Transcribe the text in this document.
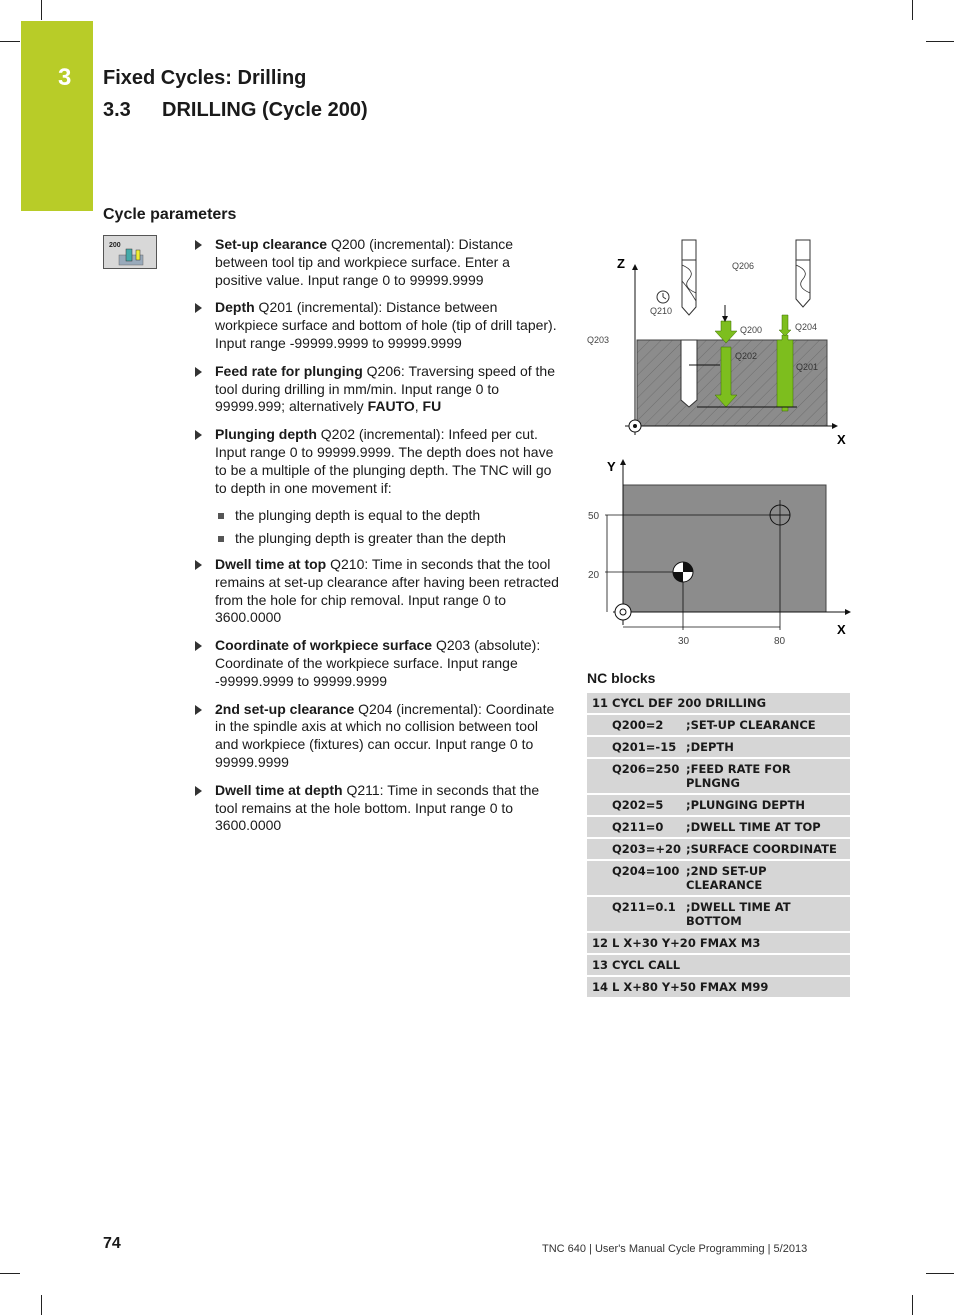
3 Fixed Cycles: Drilling
3.3 DRILLING (Cycle 200)
Cycle parameters
200	Set-up clearance Q200 (incremental): Distance between tool tip and workpiece surface. Enter a positive value. Input range 0 to 99999.9999
Depth Q201 (incremental): Distance between workpiece surface and bottom of hole (tip of drill taper). Input range -99999.9999 to 99999.9999
Feed rate for plunging Q206: Traversing speed of the tool during drilling in mm/min. Input range 0 to 99999.999; alternatively FAUTO, FU
Plunging depth Q202 (incremental): Infeed per cut. Input range 0 to 99999.9999. The depth does not have to be a multiple of the plunging depth. The TNC will go to depth in one movement if:
the plunging depth is equal to the depth
the plunging depth is greater than the depth
Dwell time at top Q210: Time in seconds that the tool remains at set-up clearance after having been retracted from the hole for chip removal. Input range 0 to 3600.0000
Coordinate of workpiece surface Q203 (absolute): Coordinate of the workpiece surface. Input range -99999.9999 to 99999.9999
2nd set-up clearance Q204 (incremental): Coordinate in the spindle axis at which no collision between tool and workpiece (fixtures) can occur. Input range 0 to 99999.9999
Dwell time at depth Q211: Time in seconds that the tool remains at the hole bottom. Input range 0 to 3600.0000
Z
X
Q206
Q210
Q200	Q204
Q203
Q202
Q201
Y
X
50
20
30	80
NC blocks
11 CYCL DEF 200 DRILLING
Q200=2	;SET-UP CLEARANCE
Q201=-15 ;DEPTH
Q206=250 ;FEED RATE FOR PLNGNG
Q202=5	;PLUNGING DEPTH
Q211=0	;DWELL TIME AT TOP
Q203=+20 ;SURFACE COORDINATE
Q204=100 ;2ND SET-UP CLEARANCE
Q211=0.1 ;DWELL TIME AT BOTTOM
12 L X+30 Y+20 FMAX M3
13 CYCL CALL
14 L X+80 Y+50 FMAX M99
74	TNC 640 | User's Manual Cycle Programming | 5/2013
